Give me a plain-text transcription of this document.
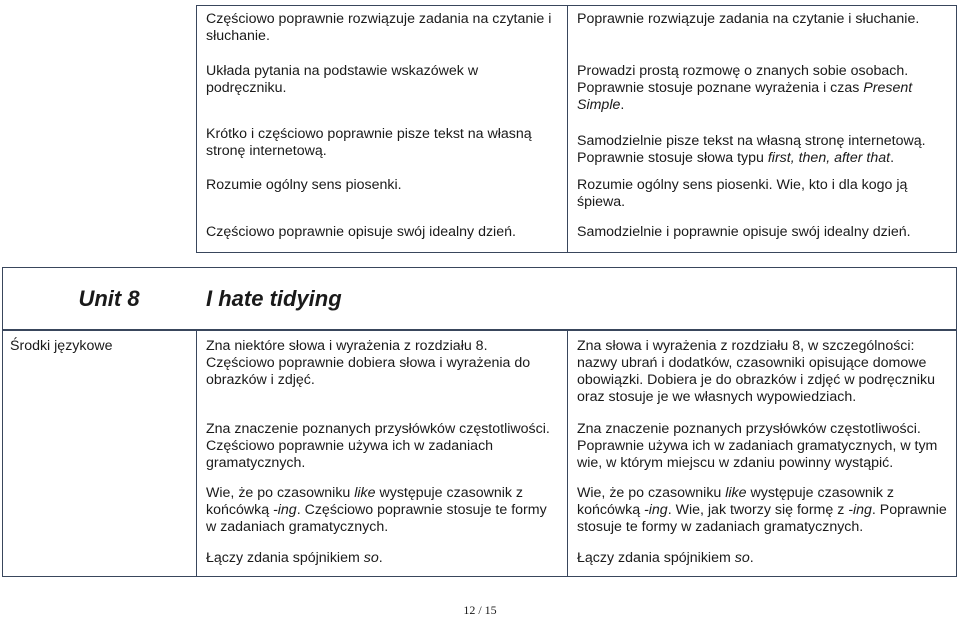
Częściowo poprawnie rozwiązuje zadania na czytanie i słuchanie.

Układa pytania na podstawie wskazówek w podręczniku.

Krótko i częściowo poprawnie pisze tekst na własną stronę internetową.

Rozumie ogólny sens piosenki.

Częściowo poprawnie opisuje swój idealny dzień.

Poprawnie rozwiązuje zadania na czytanie i słuchanie.

Prowadzi prostą rozmowę o znanych sobie osobach. Poprawnie stosuje poznane wyrażenia i czas Present Simple.

Samodzielnie pisze tekst na własną stronę internetową. Poprawnie stosuje słowa typu first, then, after that.

Rozumie ogólny sens piosenki. Wie, kto i dla kogo ją śpiewa.

Samodzielnie i poprawnie opisuje swój idealny dzień.

Unit 8	I hate tidying
Środki językowe	Zna niektóre słowa i wyrażenia z rozdziału 8. Częściowo poprawnie dobiera słowa i wyrażenia do obrazków i zdjęć.

Zna znaczenie poznanych przysłówków częstotliwości. Częściowo poprawnie używa ich w zadaniach gramatycznych.

Wie, że po czasowniku like występuje czasownik z końcówką -ing. Częściowo poprawnie stosuje te formy w zadaniach gramatycznych.

Łączy zdania spójnikiem so.

Zna słowa i wyrażenia z rozdziału 8, w szczególności: nazwy ubrań i dodatków, czasowniki opisujące domowe obowiązki. Dobiera je do obrazków i zdjęć w podręczniku oraz stosuje je we własnych wypowiedziach.

Zna znaczenie poznanych przysłówków częstotliwości. Poprawnie używa ich w zadaniach gramatycznych, w tym wie, w którym miejscu w zdaniu powinny wystąpić.

Wie, że po czasowniku like występuje czasownik z końcówką -ing. Wie, jak tworzy się formę z -ing. Poprawnie stosuje te formy w zadaniach gramatycznych.

Łączy zdania spójnikiem so.

12 / 15
